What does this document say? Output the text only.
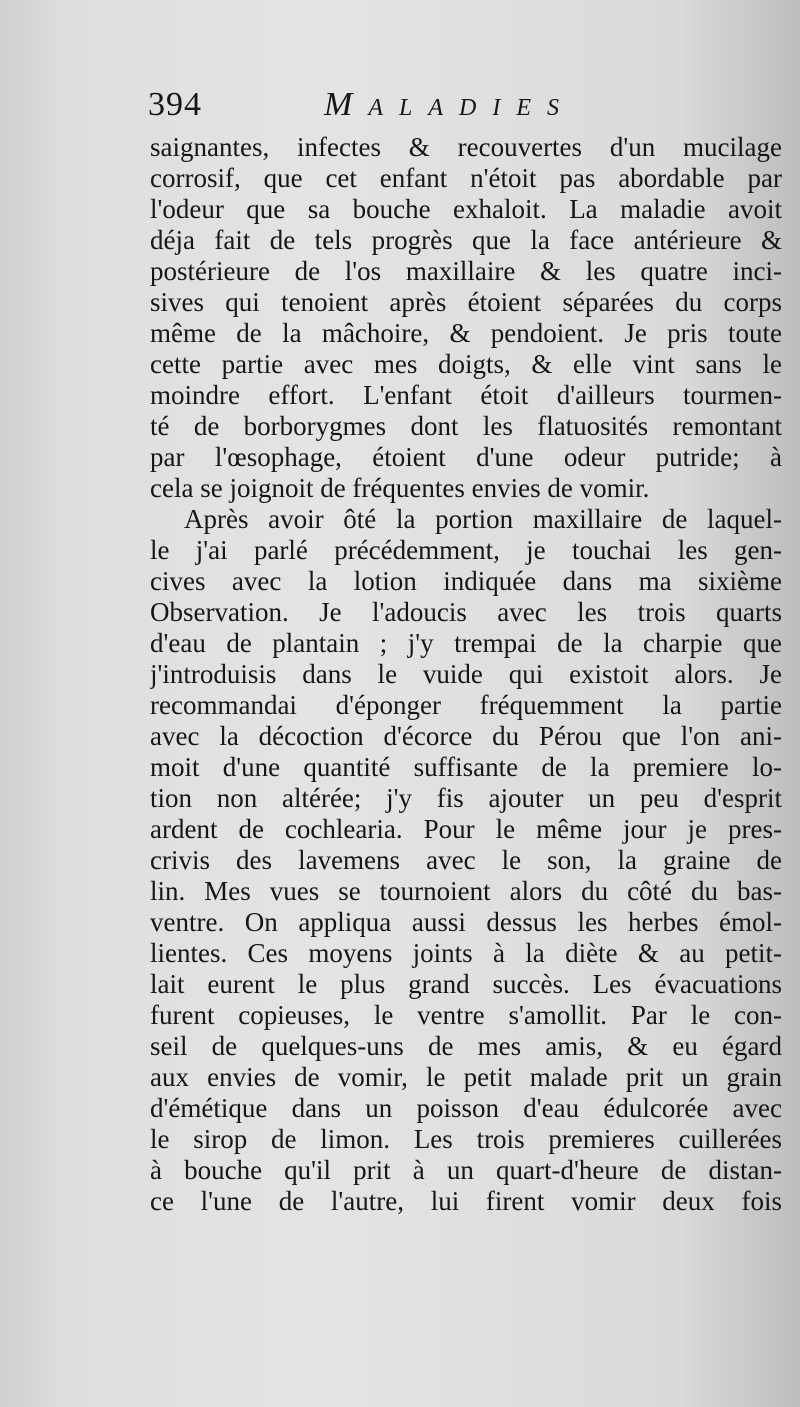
394	Maladies
saignantes, infectes & recouvertes d'un mucilage
corrosif, que cet enfant n'étoit pas abordable par
l'odeur que sa bouche exhaloit. La maladie avoit
déja fait de tels progrès que la face antérieure &
postérieure de l'os maxillaire & les quatre inci-
sives qui tenoient après étoient séparées du corps
même de la mâchoire, & pendoient. Je pris toute
cette partie avec mes doigts, & elle vint sans le
moindre effort. L'enfant étoit d'ailleurs tourmen-
té de borborygmes dont les flatuosités remontant
par l'œsophage, étoient d'une odeur putride; à
cela se joignoit de fréquentes envies de vomir.
Après avoir ôté la portion maxillaire de laquel-
le j'ai parlé précédemment, je touchai les gen-
cives avec la lotion indiquée dans ma sixième
Observation. Je l'adoucis avec les trois quarts
d'eau de plantain ; j'y trempai de la charpie que
j'introduisis dans le vuide qui existoit alors. Je
recommandai d'éponger fréquemment la partie
avec la décoction d'écorce du Pérou que l'on ani-
moit d'une quantité suffisante de la premiere lo-
tion non altérée; j'y fis ajouter un peu d'esprit
ardent de cochlearia. Pour le même jour je pres-
crivis des lavemens avec le son, la graine de
lin. Mes vues se tournoient alors du côté du bas-
ventre. On appliqua aussi dessus les herbes émol-
lientes. Ces moyens joints à la diète & au petit-
lait eurent le plus grand succès. Les évacuations
furent copieuses, le ventre s'amollit. Par le con-
seil de quelques-uns de mes amis, & eu égard
aux envies de vomir, le petit malade prit un grain
d'émétique dans un poisson d'eau édulcorée avec
le sirop de limon. Les trois premieres cuillerées
à bouche qu'il prit à un quart-d'heure de distan-
ce l'une de l'autre, lui firent vomir deux fois
